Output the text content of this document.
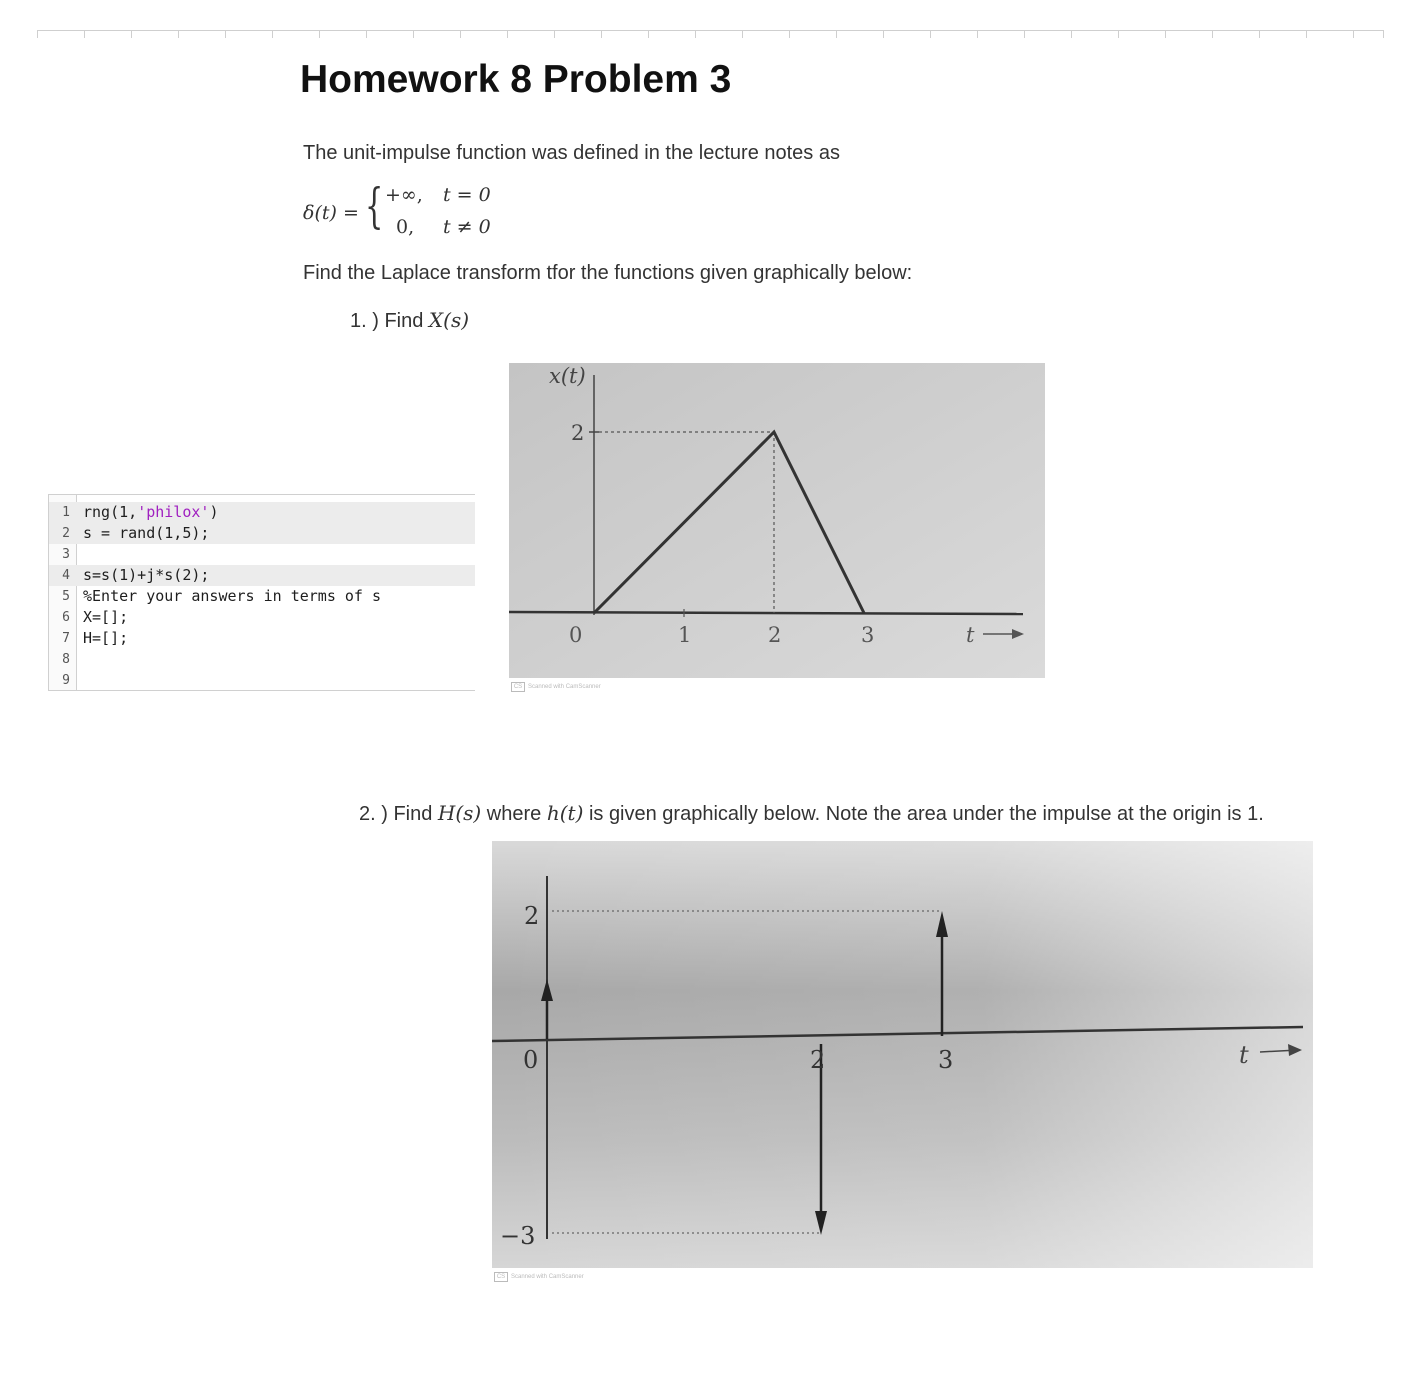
Homework 8 Problem 3
The unit-impulse function was defined in the lecture notes as
δ(t) = { +∞, t = 0
0, t ≠ 0
Find the Laplace transform tfor the functions given graphically below:
1. ) Find X(s)
1 rng(1,'philox')
2 s = rand(1,5);
3
4 s=s(1)+j*s(2);
5 %Enter your answers in terms of s
6 X=[];
7 H=[];
8
9
x(t)
2
0	1	2	3	t
CS Scanned with CamScanner
2. ) Find H(s) where h(t) is given graphically below. Note the area under the impulse at the origin is 1.
2
−3
0	2	3	t
CS Scanned with CamScanner
